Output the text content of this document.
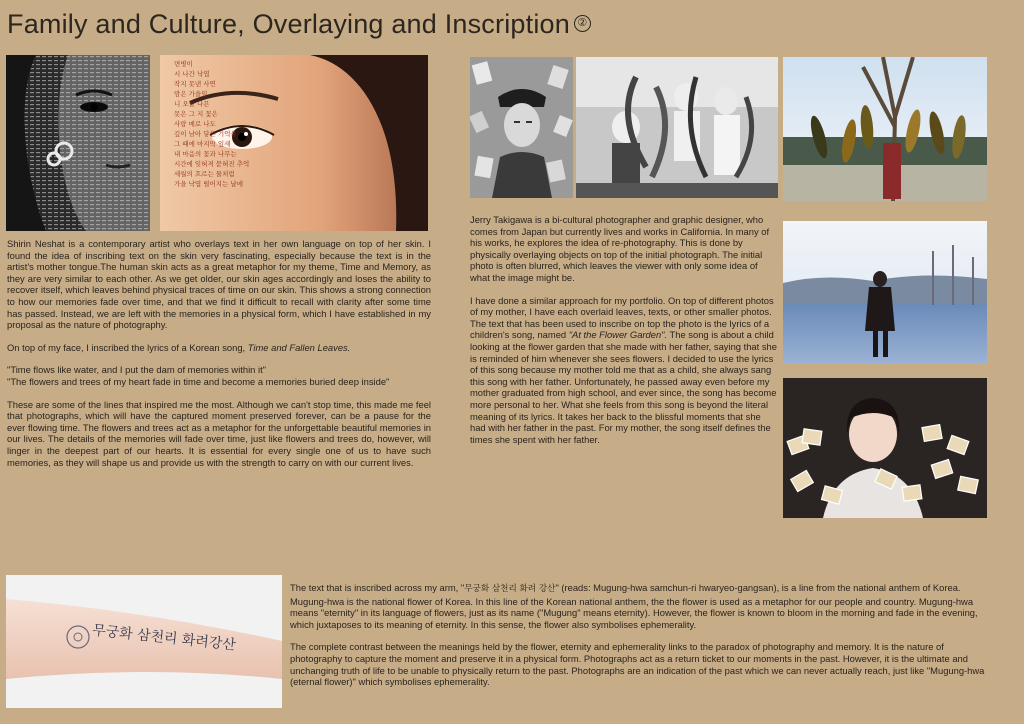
Family and Culture, Overlaying and Inscription ②
면병이
시 나간 낙엽
작지 못낸 사연
맘은 가을일
니 오늘 나믄
못은 그 지 꽃은
사랑 매로 나도
깊이 남아 닿은 기억을
그 때에 마지막 잎새
내 마음의 꽃과 나무는
시간에 잊혀져 묻혀진 추억
세월의 흐르는 물처럼
가을 낙엽 떨어지는 날에

Shirin Neshat is a contemporary artist who overlays text in her own language on top of her skin. I found the idea of inscribing text on the skin very fascinating, especially because the text is in the artist's mother tongue.The human skin acts as a great metaphor for my theme, Time and Memory, as they are very similar to each other. As we get older, our skin ages accordingly and loses the ability to recover itself, which leaves behind physical traces of time on our skin. This shows a strong connection to how our memories fade over time, and that we find it difficult to recall with clarity after some time has passed. Instead, we are left with the memories in a physical form, which I have established in my proposal as the nature of photography.

On top of my face, I inscribed the lyrics of a Korean song, Time and Fallen Leaves.

"Time flows like water, and I put the dam of memories within it"
"The flowers and trees of my heart fade in time and become a memories buried deep inside"

These are some of the lines that inspired me the most. Although we can't stop time, this made me feel that photographs, which will have the captured moment preserved forever, can be a pause for the ever flowing time. The flowers and trees act as a metaphor for the unforgettable beautiful memories in our lives. The details of the memories will fade over time, just like flowers and trees do, however, will linger in the deepest part of our hearts. It is essential for every single one of us to have such memories, as they will shape us and provide us with the strength to carry on with our current lives.

Jerry Takigawa is a bi-cultural photographer and graphic designer, who comes from Japan but currently lives and works in California. In many of his works, he explores the idea of re-photography. This is done by physically overlaying objects on top of the initial photograph. The initial photo is often blurred, which leaves the viewer with only some idea of what the image might be.

I have done a similar approach for my portfolio. On top of different photos of my mother, I have each overlaid leaves, texts, or other smaller photos. The text that has been used to inscribe on top the photo is the lyrics of a children's song, named "At the Flower Garden". The song is about a child looking at the flower garden that she made with her father, saying that she is reminded of him whenever she sees flowers. I decided to use the lyrics of this song because my mother told me that as a child, she always sang this song with her father. Unfortunately, he passed away even before my mother graduated from high school, and ever since, the song has become more personal to her. What she feels from this song is beyond the literal meaning of its lyrics. It takes her back to the blissful moments that she had with her father in the past. For my mother, the song itself defines the times she spent with her father.

무궁화 삼천리 화려강산

The text that is inscribed across my arm, "무궁화 삼천리 화려 강산" (reads: Mugung-hwa samchun-ri hwaryeo-gangsan), is a line from the national anthem of Korea. Mugung-hwa is the national flower of Korea. In this line of the Korean national anthem, the the flower is used as a metaphor for our people and country. Mugung-hwa means "eternity" in its language of flowers, just as its name ("Mugung" means eternity). However, the flower is known to bloom in the morning and fade in the evening, which juxtaposes to its meaning of eternity. In this sense, the flower also symbolises ephemerality.

The complete contrast between the meanings held by the flower, eternity and ephemerality links to the paradox of photography and memory. It is the nature of photography to capture the moment and preserve it in a physical form. Photographs act as a return ticket to our moments in the past. However, it is the ultimate and unchanging truth of life to be unable to physically return to the past. Photographs are an indication of the past which we can never actually reach, just like "Mugung-hwa (eternal flower)" which symbolises ephemerality.
